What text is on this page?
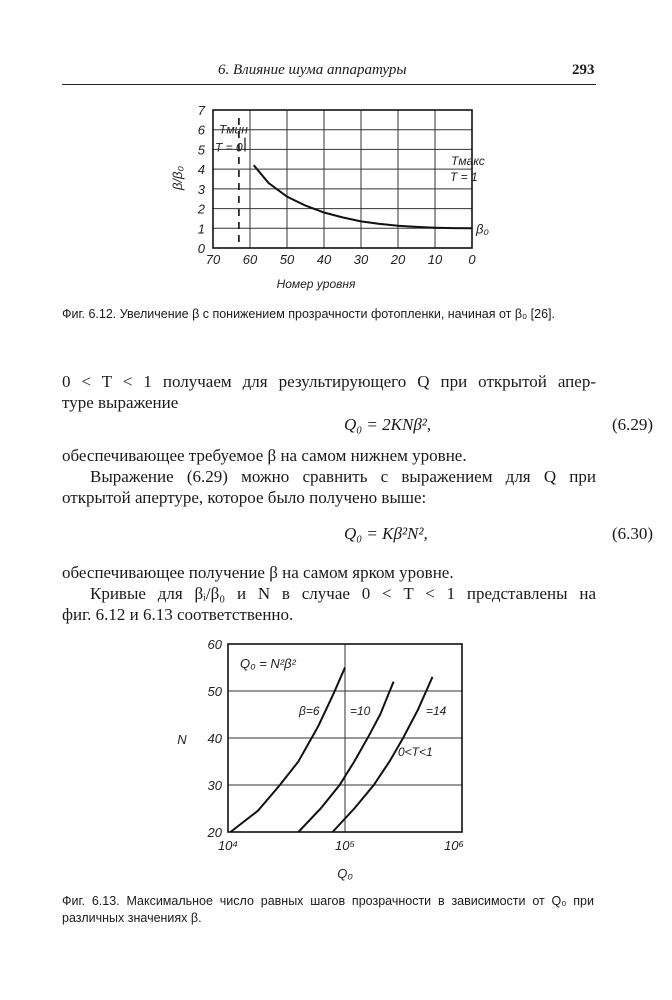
6. Влияние шума аппаратуры	293
β/β₀
Номер уровня
0
1
2
3
4
5
6
7
70 60 50 40 30 20 10 0
Tмин
T = 0
Tмакс
T = 1
β₀
Фиг. 6.12. Увеличение β с понижением прозрачности фотопленки, начиная от β₀ [26].
0 < T < 1 получаем для результирующего Q при открытой апер-
туре выражение
Q₀ = 2KNβ²,	(6.29)
обеспечивающее требуемое β на самом нижнем уровне.
Выражение (6.29) можно сравнить с выражением для Q при
открытой апертуре, которое было получено выше:
Q₀ = Kβ²N²,	(6.30)
обеспечивающее получение β на самом ярком уровне.
Кривые для βᵢ/β₀ и N в случае 0 < T < 1 представлены на
фиг. 6.12 и 6.13 соответственно.
N
Q₀
20
30
40
50
60
10⁴	10⁵	10⁶
β=6	=10	=14
Q₀ = N²β²
0<T<1
Фиг. 6.13. Максимальное число равных шагов прозрачности в зависимости от Q₀ при различных значениях β.
